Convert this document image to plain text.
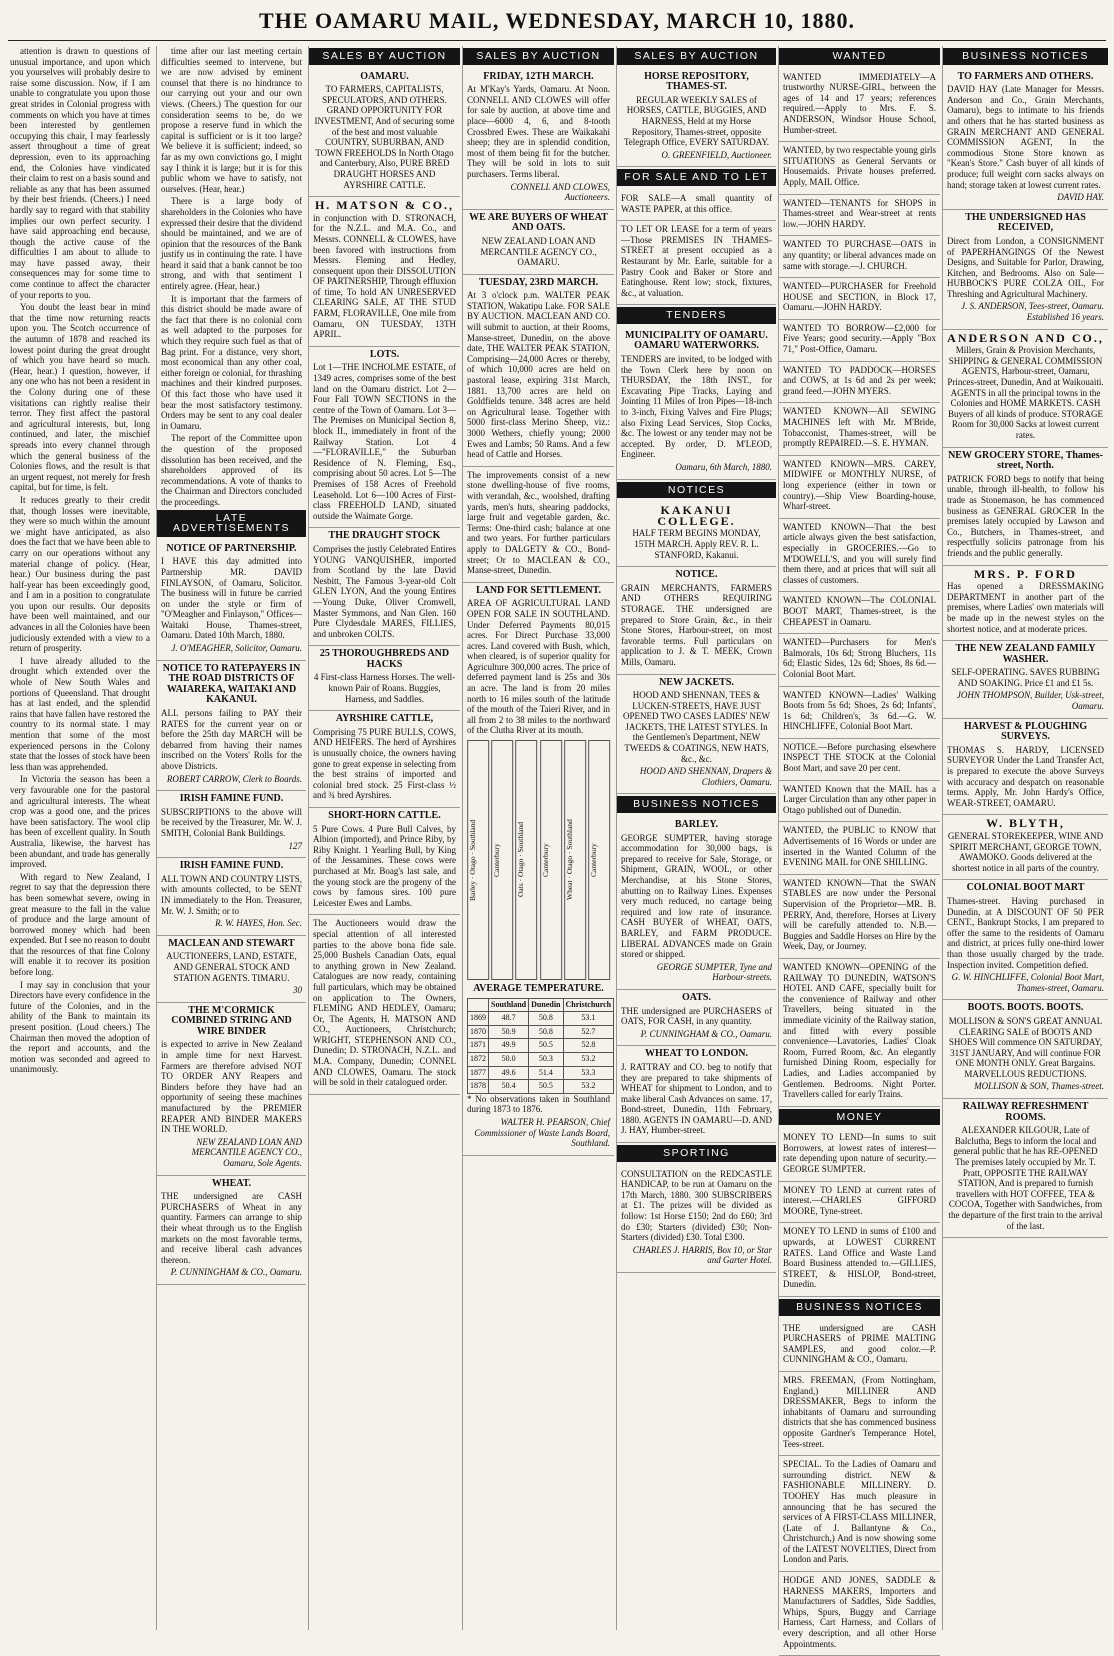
THE OAMARU MAIL, WEDNESDAY, MARCH 10, 1880.

attention is drawn to questions of unusual importance, and upon which you yourselves will probably desire to raise some discussion. Now, if I am unable to congratulate you upon those great strides in Colonial progress with comments on which you have at times been interested by gentlemen occupying this chair, I may fearlessly assert throughout a time of great depression, even to its approaching end, the Colonies have vindicated their claim to rest on a basis sound and reliable as any that has been assumed by their best friends. (Cheers.) I need hardly say to regard with that stability implies our own perfect security. I have said approaching end because, though the active cause of the difficulties I am about to allude to may have passed away, their consequences may for some time to come continue to affect the character of your reports to you.

You doubt the least bear in mind that the time now returning reacts upon you. The Scotch occurrence of the autumn of 1878 and reached its lowest point during the great drought of which you have heard so much. (Hear, hear.) I question, however, if any one who has not been a resident in the Colony during one of these visitations can rightly realise their terror. They first affect the pastoral and agricultural interests, but, long continued, and later, the mischief spreads into every channel through which the general business of the Colonies flows, and the result is that an urgent request, not merely for fresh capital, but for time, is felt.

It reduces greatly to their credit that, though losses were inevitable, they were so much within the amount we might have anticipated, as also does the fact that we have been able to carry on our operations without any material change of policy. (Hear, hear.) Our business during the past half-year has been exceedingly good, and I am in a position to congratulate you upon our results. Our deposits have been well maintained, and our advances in all the Colonies have been judiciously extended with a view to a return of prosperity.

I have already alluded to the drought which extended over the whole of New South Wales and portions of Queensland. That drought has at last ended, and the splendid rains that have fallen have restored the country to its normal state. I may mention that some of the most experienced persons in the Colony state that the losses of stock have been less than was apprehended.

In Victoria the season has been a very favourable one for the pastoral and agricultural interests. The wheat crop was a good one, and the prices have been satisfactory. The wool clip has been of excellent quality. In South Australia, likewise, the harvest has been abundant, and trade has generally improved.

With regard to New Zealand, I regret to say that the depression there has been somewhat severe, owing in great measure to the fall in the value of produce and the large amount of borrowed money which had been expended. But I see no reason to doubt that the resources of that fine Colony will enable it to recover its position before long.

I may say in conclusion that your Directors have every confidence in the future of the Colonies, and in the ability of the Bank to maintain its present position. (Loud cheers.) The Chairman then moved the adoption of the report and accounts, and the motion was seconded and agreed to unanimously.

time after our last meeting certain difficulties seemed to intervene, but we are now advised by eminent counsel that there is no hindrance to our carrying out your and our own views. (Cheers.) The question for our consideration seems to be, do we propose a reserve fund in which the capital is sufficient or is it too large? We believe it is sufficient; indeed, so far as my own convictions go, I might say I think it is large; but it is for this public whom we have to satisfy, not ourselves. (Hear, hear.)

There is a large body of shareholders in the Colonies who have expressed their desire that the dividend should be maintained, and we are of opinion that the resources of the Bank justify us in continuing the rate. I have heard it said that a bank cannot be too strong, and with that sentiment I entirely agree. (Hear, hear.)

It is important that the farmers of this district should be made aware of the fact that there is no colonial corn as well adapted to the purposes for which they require such fuel as that of Bag print. For a distance, very short, most economical than any other coal, either foreign or colonial, for thrashing machines and their kindred purposes. Of this fact those who have used it bear the most satisfactory testimony. Orders may be sent to any coal dealer in Oamaru.

The report of the Committee upon the question of the proposed dissolution has been received, and the shareholders approved of its recommendations. A vote of thanks to the Chairman and Directors concluded the proceedings.

LATE ADVERTISEMENTS

NOTICE OF PARTNERSHIP.

I HAVE this day admitted into Partnership MR. DAVID FINLAYSON, of Oamaru, Solicitor. The business will in future be carried on under the style or firm of "O'Meagher and Finlayson," Offices—Waitaki House, Thames-street, Oamaru. Dated 10th March, 1880.

J. O'MEAGHER, Solicitor, Oamaru.

NOTICE TO RATEPAYERS IN THE ROAD DISTRICTS OF WAIAREKA, WAITAKI AND KAKANUI.

ALL persons failing to PAY their RATES for the current year on or before the 25th day MARCH will be debarred from having their names inscribed on the Voters' Rolls for the above Districts.

ROBERT CARROW, Clerk to Boards.

IRISH FAMINE FUND.

SUBSCRIPTIONS to the above will be received by the Treasurer, Mr. W. J. SMITH, Colonial Bank Buildings.

127

IRISH FAMINE FUND.

ALL TOWN AND COUNTRY LISTS, with amounts collected, to be SENT IN immediately to the Hon. Treasurer, Mr. W. J. Smith; or to

R. W. HAYES, Hon. Sec.

MACLEAN AND STEWART

AUCTIONEERS, LAND, ESTATE, AND GENERAL STOCK AND STATION AGENTS. TIMARU.

30

THE M'CORMICK COMBINED STRING AND WIRE BINDER

is expected to arrive in New Zealand in ample time for next Harvest. Farmers are therefore advised NOT TO ORDER ANY Reapers and Binders before they have had an opportunity of seeing these machines manufactured by the PREMIER REAPER AND BINDER MAKERS IN THE WORLD.

NEW ZEALAND LOAN AND MERCANTILE AGENCY CO., Oamaru, Sole Agents.

WHEAT.

THE undersigned are CASH PURCHASERS of Wheat in any quantity. Farmers can arrange to ship their wheat through us to the English markets on the most favorable terms, and receive liberal cash advances thereon.

P. CUNNINGHAM & CO., Oamaru.

SALES BY AUCTION

OAMARU.

TO FARMERS, CAPITALISTS, SPECULATORS, AND OTHERS. GRAND OPPORTUNITY FOR INVESTMENT, And of securing some of the best and most valuable COUNTRY, SUBURBAN, AND TOWN FREEHOLDS In North Otago and Canterbury, Also, PURE BRED DRAUGHT HORSES AND AYRSHIRE CATTLE.

H. MATSON & CO.,

in conjunction with D. STRONACH, for the N.Z.L. and M.A. Co., and Messrs. CONNELL & CLOWES, have been favored with instructions from Messrs. Fleming and Hedley, consequent upon their DISSOLUTION OF PARTNERSHIP, Through effluxion of time, To hold AN UNRESERVED CLEARING SALE, AT THE STUD FARM, FLORAVILLE, One mile from Oamaru, ON TUESDAY, 13TH APRIL.

LOTS.

Lot 1—THE INCHOLME ESTATE, of 1349 acres, comprises some of the best land on the Oamaru district. Lot 2—Four Fall TOWN SECTIONS in the centre of the Town of Oamaru. Lot 3—The Premises on Municipal Section 8, block II., immediately in front of the Railway Station. Lot 4—"FLORAVILLE," the Suburban Residence of N. Fleming, Esq., comprising about 50 acres. Lot 5—The Premises of 158 Acres of Freehold Leasehold. Lot 6—100 Acres of First-class FREEHOLD LAND, situated outside the Waimate Gorge.

THE DRAUGHT STOCK

Comprises the justly Celebrated Entires YOUNG VANQUISHER, imported from Scotland by the late David Nesbitt, The Famous 3-year-old Colt GLEN LYON, And the young Entires—Young Duke, Oliver Cromwell, Master Symmons, and Nan Glen. 160 Pure Clydesdale MARES, FILLIES, and unbroken COLTS.

25 THOROUGHBREDS AND HACKS

4 First-class Harness Horses. The well-known Pair of Roans. Buggies, Harness, and Saddles.

AYRSHIRE CATTLE,

Comprising 75 PURE BULLS, COWS, AND HEIFERS. The herd of Ayrshires is unusually choice, the owners having gone to great expense in selecting from the best strains of imported and colonial bred stock. 25 First-class ½ and ¾ bred Ayrshires.

SHORT-HORN CATTLE.

5 Pure Cows. 4 Pure Bull Calves, by Albion (imported), and Prince Riby, by Riby Knight. 1 Yearling Bull, by King of the Jessamines. These cows were purchased at Mr. Boag's last sale, and the young stock are the progeny of the cows by famous sires. 100 pure Leicester Ewes and Lambs.

The Auctioneers would draw the special attention of all interested parties to the above bona fide sale. 25,000 Bushels Canadian Oats, equal to anything grown in New Zealand. Catalogues are now ready, containing full particulars, which may be obtained on application to The Owners, FLEMING AND HEDLEY, Oamaru; Or, The Agents, H. MATSON AND CO., Auctioneers, Christchurch; WRIGHT, STEPHENSON AND CO., Dunedin; D. STRONACH, N.Z.L. and M.A. Company, Dunedin; CONNEL AND CLOWES, Oamaru. The stock will be sold in their catalogued order.

SALES BY AUCTION

FRIDAY, 12TH MARCH.

At M'Kay's Yards, Oamaru. At Noon. CONNELL AND CLOWES will offer for sale by auction, at above time and place—6000 4, 6, and 8-tooth Crossbred Ewes. These are Waikakahi sheep; they are in splendid condition, most of them being fit for the butcher. They will be sold in lots to suit purchasers. Terms liberal.

CONNELL AND CLOWES, Auctioneers.

WE ARE BUYERS OF WHEAT AND OATS.

NEW ZEALAND LOAN AND MERCANTILE AGENCY CO., OAMARU.

TUESDAY, 23RD MARCH.

At 3 o'clock p.m. WALTER PEAK STATION, Wakatipu Lake. FOR SALE BY AUCTION. MACLEAN AND CO. will submit to auction, at their Rooms, Manse-street, Dunedin, on the above date, THE WALTER PEAK STATION, Comprising—24,000 Acres or thereby, of which 10,000 acres are held on pastoral lease, expiring 31st March, 1881. 13,700 acres are held on Goldfields tenure. 348 acres are held on Agricultural lease. Together with 5000 first-class Merino Sheep, viz.: 3000 Wethers, chiefly young; 2000 Ewes and Lambs; 50 Rams. And a few head of Cattle and Horses.

The improvements consist of a new stone dwelling-house of five rooms, with verandah, &c., woolshed, drafting yards, men's huts, shearing paddocks, large fruit and vegetable garden, &c. Terms: One-third cash; balance at one and two years. For further particulars apply to DALGETY & CO., Bond-street; Or to MACLEAN & CO., Manse-street, Dunedin.

LAND FOR SETTLEMENT.

AREA OF AGRICULTURAL LAND OPEN FOR SALE IN SOUTHLAND. Under Deferred Payments 80,015 acres. For Direct Purchase 33,000 acres. Land covered with Bush, which, when cleared, is of superior quality for Agriculture 300,000 acres. The price of deferred payment land is 25s and 30s an acre. The land is from 20 miles north to 16 miles south of the latitude of the mouth of the Taieri River, and in all from 2 to 38 miles to the northward of the Clutha River at its mouth.

Barley · Otago · Southland	Canterbury	Oats · Otago · Southland	Canterbury	Wheat · Otago · Southland	Canterbury

AVERAGE TEMPERATURE.

	Southland	Dunedin	Christchurch
1869	48.7	50.8	53.1
1870	50.9	50.8	52.7
1871	49.9	50.5	52.8
1872	50.0	50.3	53.2
1877	49.6	51.4	53.3
1878	50.4	50.5	53.2

* No observations taken in Southland during 1873 to 1876.

WALTER H. PEARSON, Chief Commissioner of Waste Lands Board, Southland.

SALES BY AUCTION

HORSE REPOSITORY, THAMES-ST.

REGULAR WEEKLY SALES of HORSES, CATTLE, BUGGIES, AND HARNESS, Held at my Horse Repository, Thames-street, opposite Telegraph Office, EVERY SATURDAY.

O. GREENFIELD, Auctioneer.

FOR SALE AND TO LET

FOR SALE—A small quantity of WASTE PAPER, at this office.

TO LET OR LEASE for a term of years —Those PREMISES IN THAMES-STREET at present occupied as a Restaurant by Mr. Earle, suitable for a Pastry Cook and Baker or Store and Eatinghouse. Rent low; stock, fixtures, &c., at valuation.

TENDERS

MUNICIPALITY OF OAMARU. OAMARU WATERWORKS.

TENDERS are invited, to be lodged with the Town Clerk here by noon on THURSDAY, the 18th INST., for Excavating Pipe Tracks, Laying and Jointing 11 Miles of Iron Pipes—18-inch to 3-inch, Fixing Valves and Fire Plugs; also Fixing Lead Services, Stop Cocks, &c. The lowest or any tender may not be accepted. By order, D. M'LEOD, Engineer.

Oamaru, 6th March, 1880.

NOTICES

KAKANUI COLLEGE.

HALF TERM BEGINS MONDAY, 15TH MARCH. Apply REV. R. L. STANFORD, Kakanui.

NOTICE.

GRAIN MERCHANTS, FARMERS AND OTHERS REQUIRING STORAGE. THE undersigned are prepared to Store Grain, &c., in their Stone Stores, Harbour-street, on most favorable terms. Full particulars on application to J. & T. MEEK, Crown Mills, Oamaru.

NEW JACKETS.

HOOD AND SHENNAN, TEES & LUCKEN-STREETS, HAVE JUST OPENED TWO CASES LADIES' NEW JACKETS, THE LATEST STYLES. In the Gentlemen's Department, NEW TWEEDS & COATINGS, NEW HATS, &c., &c.

HOOD AND SHENNAN, Drapers & Clothiers, Oamaru.

BUSINESS NOTICES

BARLEY.

GEORGE SUMPTER, having storage accommodation for 30,000 bags, is prepared to receive for Sale, Storage, or Shipment, GRAIN, WOOL, or other Merchandise, at his Stone Stores, abutting on to Railway Lines. Expenses very much reduced, no cartage being required and low rate of insurance. CASH BUYER of WHEAT, OATS, BARLEY, and FARM PRODUCE. LIBERAL ADVANCES made on Grain stored or shipped.

GEORGE SUMPTER, Tyne and Harbour-streets.

OATS.

THE undersigned are PURCHASERS of OATS, FOR CASH, in any quantity.

P. CUNNINGHAM & CO., Oamaru.

WHEAT TO LONDON.

J. RATTRAY and CO. beg to notify that they are prepared to take shipments of WHEAT for shipment to London, and to make liberal Cash Advances on same. 17, Bond-street, Dunedin, 11th February, 1880. AGENTS IN OAMARU—D. AND J. HAY, Humber-street.

SPORTING

CONSULTATION on the REDCASTLE HANDICAP, to be run at Oamaru on the 17th March, 1880. 300 SUBSCRIBERS at £1. The prizes will be divided as follow: 1st Horse £150; 2nd do £60; 3rd do £30; Starters (divided) £30; Non-Starters (divided) £30. Total £300.

CHARLES J. HARRIS, Box 10, or Star and Garter Hotel.

WANTED

WANTED IMMEDIATELY—A trustworthy NURSE-GIRL, between the ages of 14 and 17 years; references required.—Apply to Mrs. F. S. ANDERSON, Windsor House School, Humber-street.

WANTED, by two respectable young girls SITUATIONS as General Servants or Housemaids. Private houses preferred. Apply, MAIL Office.

WANTED—TENANTS for SHOPS in Thames-street and Wear-street at rents low.—JOHN HARDY.

WANTED TO PURCHASE—OATS in any quantity; or liberal advances made on same with storage.—J. CHURCH.

WANTED—PURCHASER for Freehold HOUSE and SECTION, in Block 17, Oamaru.—JOHN HARDY.

WANTED TO BORROW—£2,000 for Five Years; good security.—Apply "Box 71," Post-Office, Oamaru.

WANTED TO PADDOCK—HORSES and COWS, at 1s 6d and 2s per week; grand feed.—JOHN MYERS.

WANTED KNOWN—All SEWING MACHINES left with Mr. M'Bride, Tobacconist, Thames-street, will be promptly REPAIRED.—S. E. HYMAN.

WANTED KNOWN—MRS. CAREY, MIDWIFE or MONTHLY NURSE, of long experience (either in town or country).—Ship View Boarding-house, Wharf-street.

WANTED KNOWN—That the best article always given the best satisfaction, especially in GROCERIES.—Go to M'DOWELL'S, and you will surely find them there, and at prices that will suit all classes of customers.

WANTED KNOWN—The COLONIAL BOOT MART, Thames-street, is the CHEAPEST in Oamaru.

WANTED—Purchasers for Men's Balmorals, 10s 6d; Strong Bluchers, 11s 6d; Elastic Sides, 12s 6d; Shoes, 8s 6d.—Colonial Boot Mart.

WANTED KNOWN—Ladies' Walking Boots from 5s 6d; Shoes, 2s 6d; Infants', 1s 6d; Children's, 3s 6d.—G. W. HINCHLIFFE, Colonial Boot Mart.

NOTICE.—Before purchasing elsewhere INSPECT THE STOCK at the Colonial Boot Mart, and save 20 per cent.

WANTED Known that the MAIL has a Larger Circulation than any other paper in Otago published out of Dunedin.

WANTED, the PUBLIC to KNOW that Advertisements of 16 Words or under are inserted in the Wanted Column of the EVENING MAIL for ONE SHILLING.

WANTED KNOWN—That the SWAN STABLES are now under the Personal Supervision of the Proprietor—MR. B. PERRY, And, therefore, Horses at Livery will be carefully attended to. N.B.—Buggies and Saddle Horses on Hire by the Week, Day, or Journey.

WANTED KNOWN—OPENING of the RAILWAY TO DUNEDIN, WATSON'S HOTEL AND CAFE, specially built for the convenience of Railway and other Travellers, being situated in the immediate vicinity of the Railway station, and fitted with every possible convenience—Lavatories, Ladies' Cloak Room, Furred Room, &c. An elegantly furnished Dining Room, especially for Ladies, and Ladies accompanied by Gentlemen. Bedrooms. Night Porter. Travellers called for early Trains.

MONEY

MONEY TO LEND—In sums to suit Borrowers, at lowest rates of interest—rate depending upon nature of security.—GEORGE SUMPTER.

MONEY TO LEND at current rates of interest.—CHARLES GIFFORD MOORE, Tyne-street.

MONEY TO LEND in sums of £100 and upwards, at LOWEST CURRENT RATES. Land Office and Waste Land Board Business attended to.—GILLIES, STREET, & HISLOP, Bond-street, Dunedin.

BUSINESS NOTICES

THE undersigned are CASH PURCHASERS of PRIME MALTING SAMPLES, and good color.—P. CUNNINGHAM & CO., Oamaru.

MRS. FREEMAN, (From Nottingham, England,) MILLINER AND DRESSMAKER, Begs to inform the inhabitants of Oamaru and surrounding districts that she has commenced business opposite Gardner's Temperance Hotel, Tees-street.

SPECIAL. To the Ladies of Oamaru and surrounding district. NEW & FASHIONABLE MILLINERY. D. TOOHEY Has much pleasure in announcing that he has secured the services of A FIRST-CLASS MILLINER, (Late of J. Ballantyne & Co., Christchurch,) And is now showing some of the LATEST NOVELTIES, Direct from London and Paris.

HODGE AND JONES, SADDLE & HARNESS MAKERS, Importers and Manufacturers of Saddles, Side Saddles, Whips, Spurs, Buggy and Carriage Harness, Cart Harness, and Collars of every description, and all other Horse Appointments.

BUSINESS NOTICES

TO FARMERS AND OTHERS.

DAVID HAY (Late Manager for Messrs. Anderson and Co., Grain Merchants, Oamaru), begs to intimate to his friends and others that he has started business as GRAIN MERCHANT AND GENERAL COMMISSION AGENT, In the commodious Stone Store known as "Kean's Store." Cash buyer of all kinds of produce; full weight corn sacks always on hand; storage taken at lowest current rates.

DAVID HAY.

THE UNDERSIGNED HAS RECEIVED,

Direct from London, a CONSIGNMENT of PAPERHANGINGS Of the Newest Designs, and Suitable for Parlor, Drawing, Kitchen, and Bedrooms. Also on Sale—HUBBOCK'S PURE COLZA OIL, For Threshing and Agricultural Machinery.

J. S. ANDERSON, Tees-street, Oamaru. Established 16 years.

ANDERSON AND CO.,

Millers, Grain & Provision Merchants, SHIPPING & GENERAL COMMISSION AGENTS, Harbour-street, Oamaru, Princes-street, Dunedin, And at Waikouaiti. AGENTS in all the principal towns in the Colonies and HOME MARKETS. CASH Buyers of all kinds of produce. STORAGE Room for 30,000 Sacks at lowest current rates.

NEW GROCERY STORE, Thames-street, North.

PATRICK FORD begs to notify that being unable, through ill-health, to follow his trade as Stonemason, he has commenced business as GENERAL GROCER In the premises lately occupied by Lawson and Co., Butchers, in Thames-street, and respectfully solicits patronage from his friends and the public generally.

MRS. P. FORD

Has opened a DRESSMAKING DEPARTMENT in another part of the premises, where Ladies' own materials will be made up in the newest styles on the shortest notice, and at moderate prices.

THE NEW ZEALAND FAMILY WASHER.

SELF-OPERATING. SAVES RUBBING AND SOAKING. Price £1 and £1 5s.

JOHN THOMPSON, Builder, Usk-street, Oamaru.

HARVEST & PLOUGHING SURVEYS.

THOMAS S. HARDY, LICENSED SURVEYOR Under the Land Transfer Act, is prepared to execute the above Surveys with accuracy and despatch on reasonable terms. Apply, Mr. John Hardy's Office, WEAR-STREET, OAMARU.

W. BLYTH,

GENERAL STOREKEEPER, WINE AND SPIRIT MERCHANT, GEORGE TOWN, AWAMOKO. Goods delivered at the shortest notice in all parts of the country.

COLONIAL BOOT MART

Thames-street. Having purchased in Dunedin, at A DISCOUNT OF 50 PER CENT., Bankrupt Stocks, I am prepared to offer the same to the residents of Oamaru and district, at prices fully one-third lower than those usually charged by the trade. Inspection invited. Competition defied.

G. W. HINCHLIFFE, Colonial Boot Mart, Thames-street, Oamaru.

BOOTS. BOOTS. BOOTS.

MOLLISON & SON'S GREAT ANNUAL CLEARING SALE of BOOTS AND SHOES Will commence ON SATURDAY, 31ST JANUARY, And will continue FOR ONE MONTH ONLY. Great Bargains. MARVELLOUS REDUCTIONS.

MOLLISON & SON, Thames-street.

RAILWAY REFRESHMENT ROOMS.

ALEXANDER KILGOUR, Late of Balclutha, Begs to inform the local and general public that he has RE-OPENED The premises lately occupied by Mr. T. Pratt, OPPOSITE THE RAILWAY STATION, And is prepared to furnish travellers with HOT COFFEE, TEA & COCOA, Together with Sandwiches, from the departure of the first train to the arrival of the last.
